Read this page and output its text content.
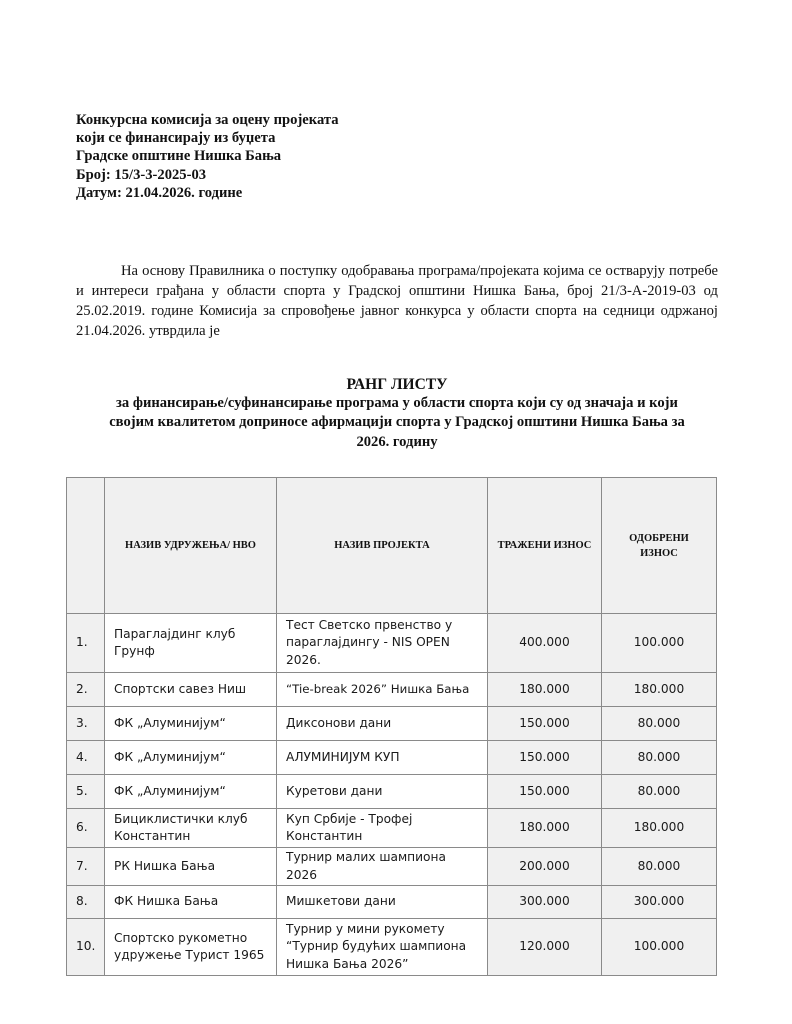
Конкурсна комисија за оцену пројеката
који се финансирају из буџета
Градске општине Нишка Бања
Број: 15/3-3-2025-03
Датум: 21.04.2026. године
На основу Правилника о поступку одобравања програма/пројеката којима се остварују потребе и интереси грађана у области спорта у Градској општини Нишка Бања, број 21/3-А-2019-03 од 25.02.2019. године Комисија за спровођење јавног конкурса у области спорта на седници одржаној 21.04.2026. утврдила је
РАНГ ЛИСТУ
за финансирање/суфинансирање програма у области спорта који су од значаја и који
својим квалитетом доприносе афирмацији спорта у Градској општини Нишка Бања за
2026. годину
	НАЗИВ УДРУЖЕЊА/ НВО	НАЗИВ ПРОЈЕКТА	ТРАЖЕНИ ИЗНОС	ОДОБРЕНИ ИЗНОС
1.	Параглајдинг клуб Грунф	Тест Светско првенство у параглајдингу - NIS OPEN 2026.	400.000	100.000
2.	Спортски савез Ниш	“Tie-break 2026” Нишка Бања	180.000	180.000
3.	ФК „Алуминијум“	Диксонови дани	150.000	80.000
4.	ФК „Алуминијум“	АЛУМИНИЈУМ КУП	150.000	80.000
5.	ФК „Алуминијум“	Куретови дани	150.000	80.000
6.	Бициклистички клуб Константин	Куп Србије - Трофеј Константин	180.000	180.000
7.	РК Нишка Бања	Турнир малих шампиона 2026	200.000	80.000
8.	ФК Нишка Бања	Мишкетови дани	300.000	300.000
10.	Спортско рукометно удружење Турист 1965	Турнир у мини рукомету “Турнир будућих шампиона Нишка Бања 2026”	120.000	100.000
